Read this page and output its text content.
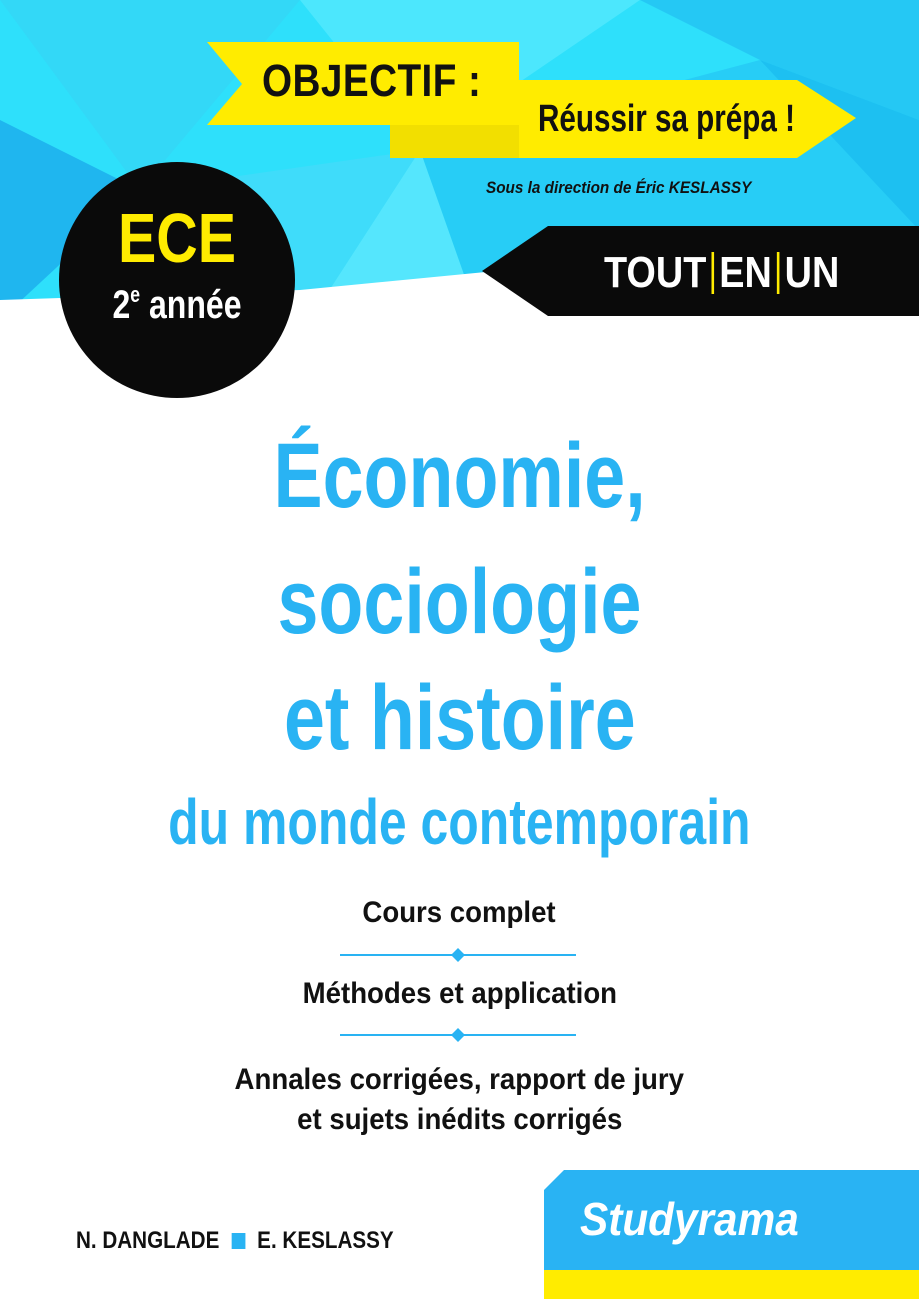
OBJECTIF :
Réussir sa prépa !
Sous la direction de Éric KESLASSY
TOUT EN UN
ECE
2e année
Économie,
sociologie
et histoire
du monde contemporain
Cours complet
Méthodes et application
Annales corrigées, rapport de jury
et sujets inédits corrigés
N. DANGLADE E. KESLASSY	Studyrama
